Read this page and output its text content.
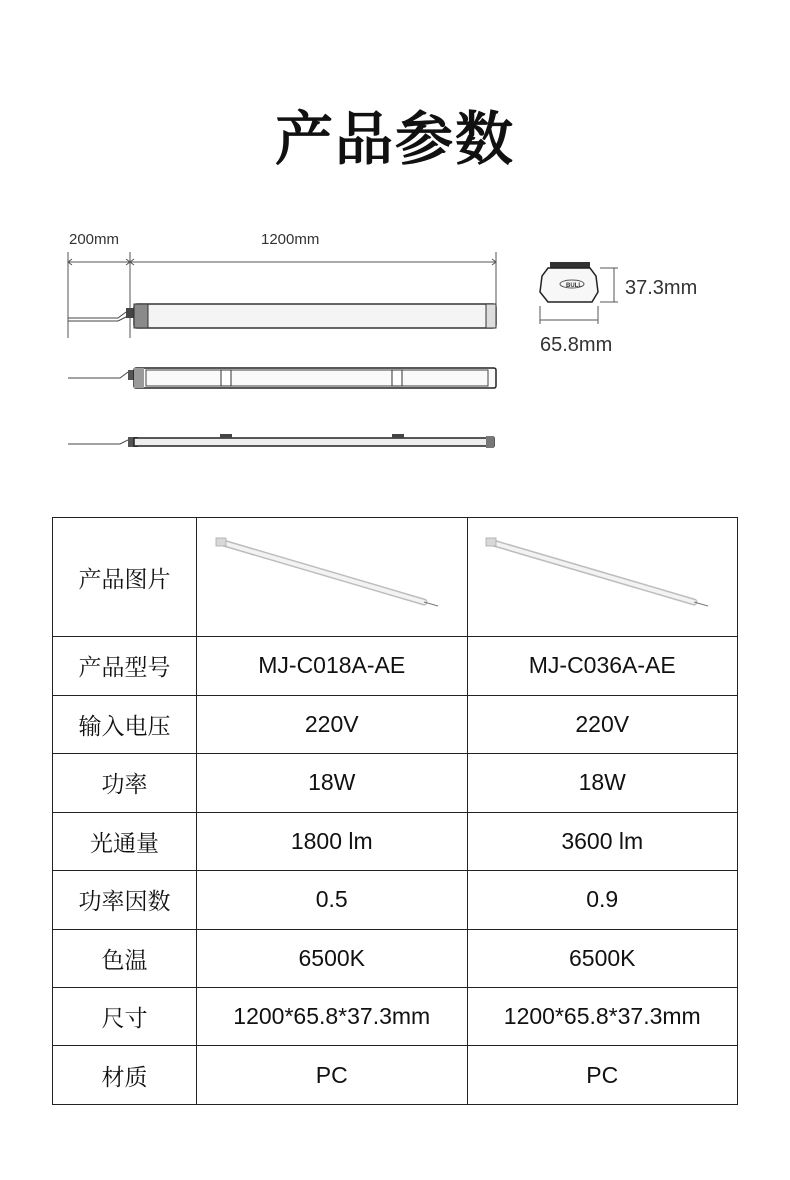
产品参数
200mm	1200mm
BULL 37.3mm
65.8mm
产品图片	

产品型号	MJ-C018A-AE	MJ-C036A-AE
输入电压	220V	220V
功率	18W	18W
光通量	1800 lm	3600 lm
功率因数	0.5	0.9
色温	6500K	6500K
尺寸	1200*65.8*37.3mm	1200*65.8*37.3mm
材质	PC	PC
